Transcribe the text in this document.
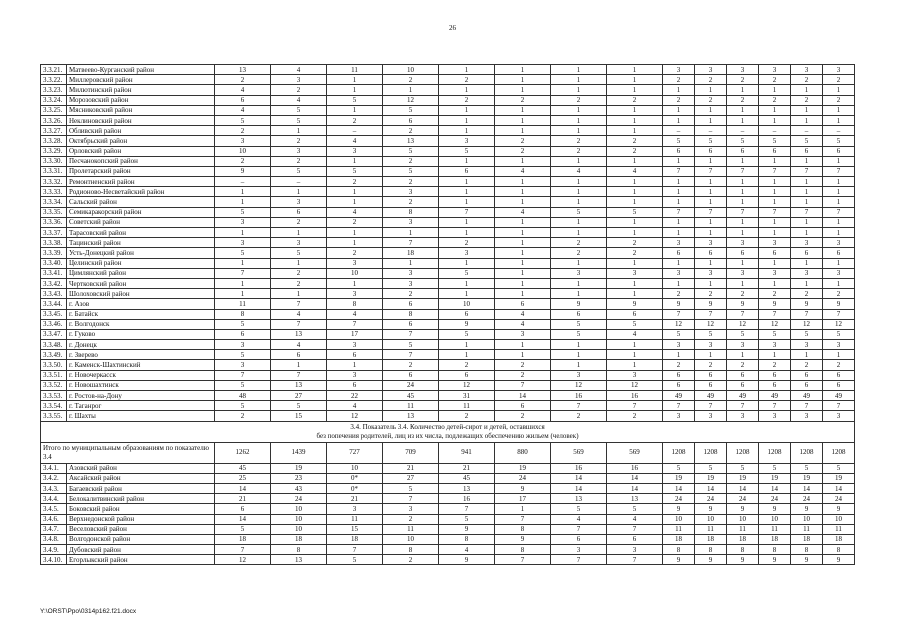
26
3.3.21.	Матвеево-Курганский район	13	4	11	10	1	1	1	1	3	3	3	3	3	3
3.3.22.	Миллеровский район	2	3	1	2	2	1	1	1	2	2	2	2	2	2
3.3.23.	Милютинский район	4	2	1	1	1	1	1	1	1	1	1	1	1	1
3.3.24.	Морозовский район	6	4	5	12	2	2	2	2	2	2	2	2	2	2
3.3.25.	Мясниковский район	4	5	1	5	1	1	1	1	1	1	1	1	1	1
3.3.26.	Неклиновский район	5	5	2	6	1	1	1	1	1	1	1	1	1	1
3.3.27.	Обливский район	2	1	–	2	1	1	1	1	–	–	–	–	–	–
3.3.28.	Октябрьский район	3	2	4	13	3	2	2	2	5	5	5	5	5	5
3.3.29.	Орловский район	10	3	3	5	5	2	2	2	6	6	6	6	6	6
3.3.30.	Песчанокопский район	2	2	1	2	1	1	1	1	1	1	1	1	1	1
3.3.31.	Пролетарский район	9	5	5	5	6	4	4	4	7	7	7	7	7	7
3.3.32.	Ремонтненский район	–	–	2	2	1	1	1	1	1	1	1	1	1	1
3.3.33.	Родионово-Несветайский район	1	1	1	3	1	1	1	1	1	1	1	1	1	1
3.3.34.	Сальский район	1	3	1	2	1	1	1	1	1	1	1	1	1	1
3.3.35.	Семикаракорский район	5	6	4	8	7	4	5	5	7	7	7	7	7	7
3.3.36.	Советский район	3	2	2	3	1	1	1	1	1	1	1	1	1	1
3.3.37.	Тарасовский район	1	1	1	1	1	1	1	1	1	1	1	1	1	1
3.3.38.	Тацинский район	3	3	1	7	2	1	2	2	3	3	3	3	3	3
3.3.39.	Усть-Донецкий район	5	5	2	18	3	1	2	2	6	6	6	6	6	6
3.3.40.	Целинский район	1	1	3	1	1	1	1	1	1	1	1	1	1	1
3.3.41.	Цимлянский район	7	2	10	3	5	1	3	3	3	3	3	3	3	3
3.3.42.	Чертковский район	1	2	1	3	1	1	1	1	1	1	1	1	1	1
3.3.43.	Шолоховский район	1	1	3	2	1	1	1	1	2	2	2	2	2	2
3.3.44.	г. Азов	11	7	8	6	10	6	9	9	9	9	9	9	9	9
3.3.45.	г. Батайск	8	4	4	8	6	4	6	6	7	7	7	7	7	7
3.3.46.	г. Волгодонск	5	7	7	6	9	4	5	5	12	12	12	12	12	12
3.3.47.	г. Гуково	6	13	17	7	5	3	5	4	5	5	5	5	5	5
3.3.48.	г. Донецк	3	4	3	5	1	1	1	1	3	3	3	3	3	3
3.3.49.	г. Зверево	5	6	6	7	1	1	1	1	1	1	1	1	1	1
3.3.50.	г. Каменск-Шахтинский	3	1	1	2	2	2	1	1	2	2	2	2	2	2
3.3.51.	г. Новочеркасск	7	7	3	6	6	2	3	3	6	6	6	6	6	6
3.3.52.	г. Новошахтинск	5	13	6	24	12	7	12	12	6	6	6	6	6	6
3.3.53.	г. Ростов-на-Дону	48	27	22	45	31	14	16	16	49	49	49	49	49	49
3.3.54.	г. Таганрог	5	5	4	11	11	6	7	7	7	7	7	7	7	7
3.3.55.	г. Шахты	2	15	12	13	2	2	2	2	3	3	3	3	3	3
3.4. Показатель 3.4. Количество детей-сирот и детей, оставшихся
без попечения родителей, лиц из их числа, подлежащих обеспечению жильем (человек)															
Итого по муниципальным образованиям по показателю 3.4		1262	1439	727	709	941	880	569	569	1208	1208	1208	1208	1208	1208
3.4.1.	Азовский район	45	19	10	21	21	19	16	16	5	5	5	5	5	5
3.4.2.	Аксайский район	25	23	0*	27	45	24	14	14	19	19	19	19	19	19
3.4.3.	Багаевский район	14	43	0*	5	13	9	14	14	14	14	14	14	14	14
3.4.4.	Белокалитвинский район	21	24	21	7	16	17	13	13	24	24	24	24	24	24
3.4.5.	Боковский район	6	10	3	3	7	1	5	5	9	9	9	9	9	9
3.4.6.	Верхнедонской район	14	10	11	2	5	7	4	4	10	10	10	10	10	10
3.4.7.	Веселовский район	5	10	15	11	9	8	7	7	11	11	11	11	11	11
3.4.8.	Волгодонской район	18	18	18	10	8	9	6	6	18	18	18	18	18	18
3.4.9.	Дубовский район	7	8	7	8	4	8	3	3	8	8	8	8	8	8
3.4.10.	Егорлыкский район	12	13	5	2	9	7	7	7	9	9	9	9	9	9
Y:\ORST\Ppo\0314p162.f21.docx
